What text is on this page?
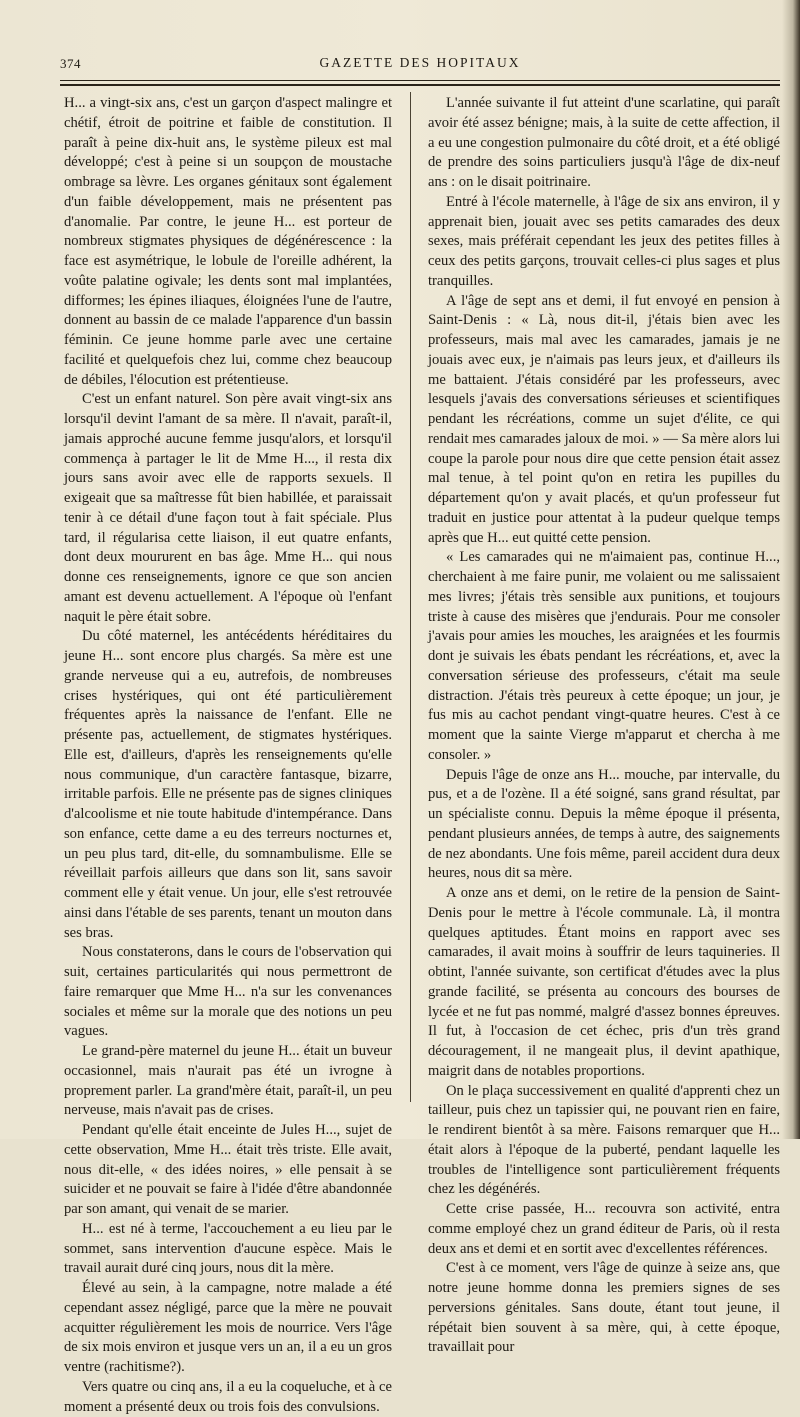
374	GAZETTE DES HOPITAUX

H... a vingt-six ans, c'est un garçon d'aspect malingre et chétif, étroit de poitrine et faible de constitution. Il paraît à peine dix-huit ans, le système pileux est mal développé; c'est à peine si un soupçon de moustache ombrage sa lèvre. Les organes génitaux sont également d'un faible développement, mais ne présentent pas d'anomalie. Par contre, le jeune H... est porteur de nombreux stigmates physiques de dégénérescence : la face est asymétrique, le lobule de l'oreille adhérent, la voûte palatine ogivale; les dents sont mal implantées, difformes; les épines iliaques, éloignées l'une de l'autre, donnent au bassin de ce malade l'apparence d'un bassin féminin. Ce jeune homme parle avec une certaine facilité et quelquefois chez lui, comme chez beaucoup de débiles, l'élocution est prétentieuse.

C'est un enfant naturel. Son père avait vingt-six ans lorsqu'il devint l'amant de sa mère. Il n'avait, paraît-il, jamais approché aucune femme jusqu'alors, et lorsqu'il commença à partager le lit de Mme H..., il resta dix jours sans avoir avec elle de rapports sexuels. Il exigeait que sa maîtresse fût bien habillée, et paraissait tenir à ce détail d'une façon tout à fait spéciale. Plus tard, il régularisa cette liaison, il eut quatre enfants, dont deux moururent en bas âge. Mme H... qui nous donne ces renseignements, ignore ce que son ancien amant est devenu actuellement. A l'époque où l'enfant naquit le père était sobre.

Du côté maternel, les antécédents héréditaires du jeune H... sont encore plus chargés. Sa mère est une grande nerveuse qui a eu, autrefois, de nombreuses crises hystériques, qui ont été particulièrement fréquentes après la naissance de l'enfant. Elle ne présente pas, actuellement, de stigmates hystériques. Elle est, d'ailleurs, d'après les renseignements qu'elle nous communique, d'un caractère fantasque, bizarre, irritable parfois. Elle ne présente pas de signes cliniques d'alcoolisme et nie toute habitude d'intempérance. Dans son enfance, cette dame a eu des terreurs nocturnes et, un peu plus tard, dit-elle, du somnambulisme. Elle se réveillait parfois ailleurs que dans son lit, sans savoir comment elle y était venue. Un jour, elle s'est retrouvée ainsi dans l'étable de ses parents, tenant un mouton dans ses bras.

Nous constaterons, dans le cours de l'observation qui suit, certaines particularités qui nous permettront de faire remarquer que Mme H... n'a sur les convenances sociales et même sur la morale que des notions un peu vagues.

Le grand-père maternel du jeune H... était un buveur occasionnel, mais n'aurait pas été un ivrogne à proprement parler. La grand'mère était, paraît-il, un peu nerveuse, mais n'avait pas de crises.

Pendant qu'elle était enceinte de Jules H..., sujet de cette observation, Mme H... était très triste. Elle avait, nous dit-elle, « des idées noires, » elle pensait à se suicider et ne pouvait se faire à l'idée d'être abandonnée par son amant, qui venait de se marier.

H... est né à terme, l'accouchement a eu lieu par le sommet, sans intervention d'aucune espèce. Mais le travail aurait duré cinq jours, nous dit la mère.

Élevé au sein, à la campagne, notre malade a été cependant assez négligé, parce que la mère ne pouvait acquitter régulièrement les mois de nourrice. Vers l'âge de six mois environ et jusque vers un an, il a eu un gros ventre (rachitisme?).

Vers quatre ou cinq ans, il a eu la coqueluche, et à ce moment a présenté deux ou trois fois des convulsions.

L'année suivante il fut atteint d'une scarlatine, qui paraît avoir été assez bénigne; mais, à la suite de cette affection, il a eu une congestion pulmonaire du côté droit, et a été obligé de prendre des soins particuliers jusqu'à l'âge de dix-neuf ans : on le disait poitrinaire.

Entré à l'école maternelle, à l'âge de six ans environ, il y apprenait bien, jouait avec ses petits camarades des deux sexes, mais préférait cependant les jeux des petites filles à ceux des petits garçons, trouvait celles-ci plus sages et plus tranquilles.

A l'âge de sept ans et demi, il fut envoyé en pension à Saint-Denis : « Là, nous dit-il, j'étais bien avec les professeurs, mais mal avec les camarades, jamais je ne jouais avec eux, je n'aimais pas leurs jeux, et d'ailleurs ils me battaient. J'étais considéré par les professeurs, avec lesquels j'avais des conversations sérieuses et scientifiques pendant les récréations, comme un sujet d'élite, ce qui rendait mes camarades jaloux de moi. » — Sa mère alors lui coupe la parole pour nous dire que cette pension était assez mal tenue, à tel point qu'on en retira les pupilles du département qu'on y avait placés, et qu'un professeur fut traduit en justice pour attentat à la pudeur quelque temps après que H... eut quitté cette pension.

« Les camarades qui ne m'aimaient pas, continue H..., cherchaient à me faire punir, me volaient ou me salissaient mes livres; j'étais très sensible aux punitions, et toujours triste à cause des misères que j'endurais. Pour me consoler j'avais pour amies les mouches, les araignées et les fourmis dont je suivais les ébats pendant les récréations, et, avec la conversation sérieuse des professeurs, c'était ma seule distraction. J'étais très peureux à cette époque; un jour, je fus mis au cachot pendant vingt-quatre heures. C'est à ce moment que la sainte Vierge m'apparut et chercha à me consoler. »

Depuis l'âge de onze ans H... mouche, par intervalle, du pus, et a de l'ozène. Il a été soigné, sans grand résultat, par un spécialiste connu. Depuis la même époque il présenta, pendant plusieurs années, de temps à autre, des saignements de nez abondants. Une fois même, pareil accident dura deux heures, nous dit sa mère.

A onze ans et demi, on le retire de la pension de Saint-Denis pour le mettre à l'école communale. Là, il montra quelques aptitudes. Étant moins en rapport avec ses camarades, il avait moins à souffrir de leurs taquineries. Il obtint, l'année suivante, son certificat d'études avec la plus grande facilité, se présenta au concours des bourses de lycée et ne fut pas nommé, malgré d'assez bonnes épreuves. Il fut, à l'occasion de cet échec, pris d'un très grand découragement, il ne mangeait plus, il devint apathique, maigrit dans de notables proportions.

On le plaça successivement en qualité d'apprenti chez un tailleur, puis chez un tapissier qui, ne pouvant rien en faire, le rendirent bientôt à sa mère. Faisons remarquer que H... était alors à l'époque de la puberté, pendant laquelle les troubles de l'intelligence sont particulièrement fréquents chez les dégénérés.

Cette crise passée, H... recouvra son activité, entra comme employé chez un grand éditeur de Paris, où il resta deux ans et demi et en sortit avec d'excellentes références.

C'est à ce moment, vers l'âge de quinze à seize ans, que notre jeune homme donna les premiers signes de ses perversions génitales. Sans doute, étant tout jeune, il répétait bien souvent à sa mère, qui, à cette époque, travaillait pour
